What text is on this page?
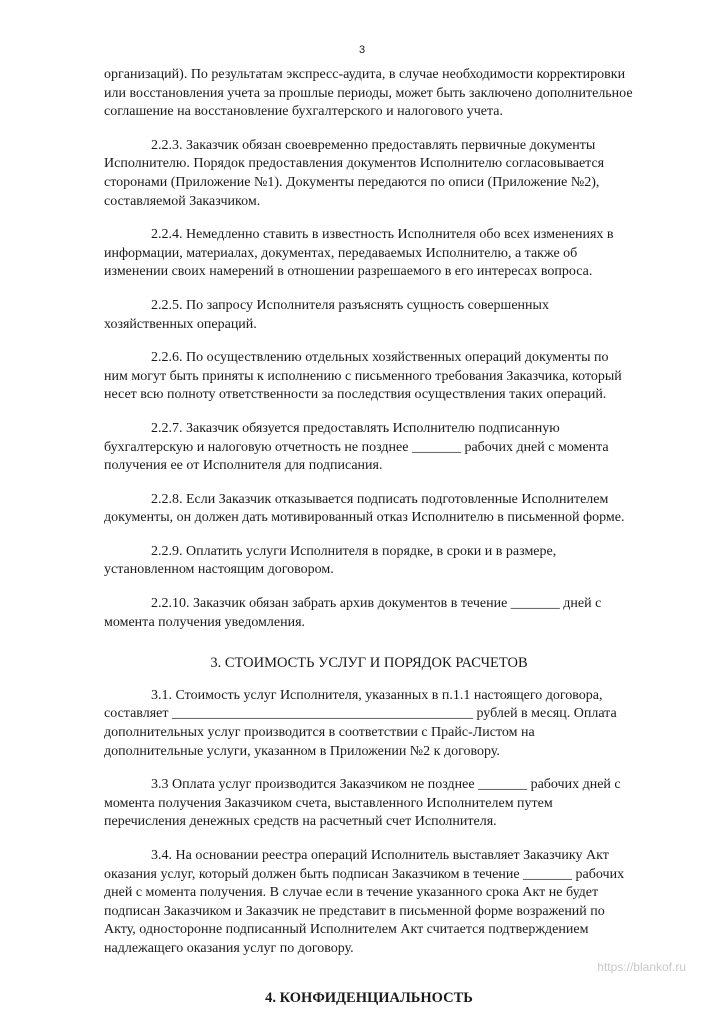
3

организаций). По результатам экспресс-аудита, в случае необходимости корректировки или восстановления учета за прошлые периоды, может быть заключено дополнительное соглашение на восстановление бухгалтерского и налогового учета.

2.2.3. Заказчик обязан своевременно предоставлять первичные документы Исполнителю. Порядок предоставления документов Исполнителю согласовывается сторонами (Приложение №1). Документы передаются по описи (Приложение №2), составляемой Заказчиком.

2.2.4. Немедленно ставить в известность Исполнителя обо всех изменениях в информации, материалах, документах, передаваемых Исполнителю, а также об изменении своих намерений в отношении разрешаемого в его интересах вопроса.

2.2.5. По запросу Исполнителя разъяснять сущность совершенных хозяйственных операций.

2.2.6. По осуществлению отдельных хозяйственных операций документы по ним могут быть приняты к исполнению с письменного требования Заказчика, который несет всю полноту ответственности за последствия осуществления таких операций.

2.2.7. Заказчик обязуется предоставлять Исполнителю подписанную бухгалтерскую и налоговую отчетность не позднее _______ рабочих дней с момента получения ее от Исполнителя для подписания.

2.2.8. Если Заказчик отказывается подписать подготовленные Исполнителем документы, он должен дать мотивированный отказ Исполнителю в письменной форме.

2.2.9. Оплатить услуги Исполнителя в порядке, в сроки и в размере, установленном настоящим договором.

2.2.10. Заказчик обязан забрать архив документов в течение _______ дней с момента получения уведомления.

3. СТОИМОСТЬ УСЛУГ И ПОРЯДОК РАСЧЕТОВ

3.1. Стоимость услуг Исполнителя, указанных в п.1.1 настоящего договора, составляет ___________________________________________ рублей в месяц. Оплата дополнительных услуг производится в соответствии с Прайс-Листом на дополнительные услуги, указанном в Приложении №2 к договору.

3.3 Оплата услуг производится Заказчиком не позднее _______ рабочих дней с момента получения Заказчиком счета, выставленного Исполнителем путем перечисления денежных средств на расчетный счет Исполнителя.

3.4. На основании реестра операций Исполнитель выставляет Заказчику Акт оказания услуг, который должен быть подписан Заказчиком в течение _______ рабочих дней с момента получения. В случае если в течение указанного срока Акт не будет подписан Заказчиком и Заказчик не представит в письменной форме возражений по Акту, односторонне подписанный Исполнителем Акт считается подтверждением надлежащего оказания услуг по договору.

4. КОНФИДЕНЦИАЛЬНОСТЬ
https://blankof.ru
